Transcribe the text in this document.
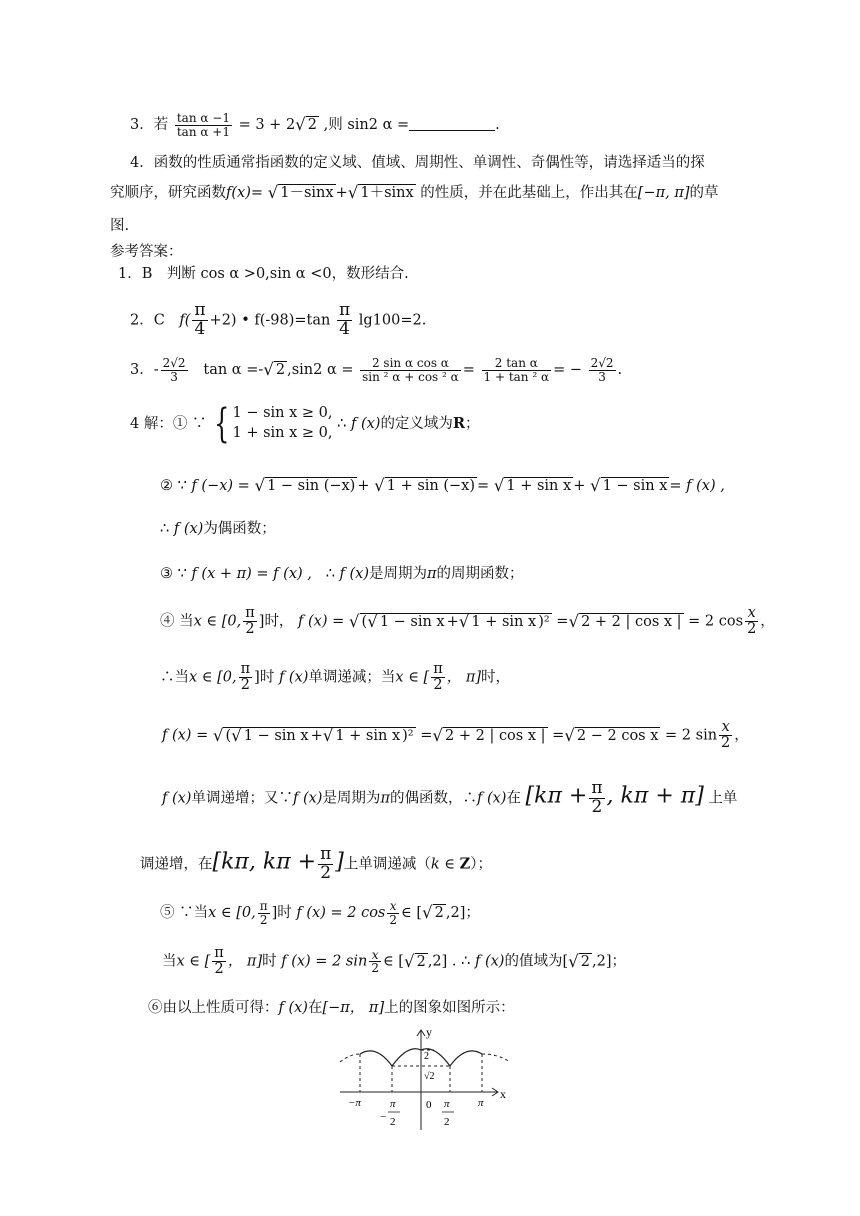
3．若 $\frac{\text{tan α −1}}{\text{tan α +1}} = 3 + 2√$ 2 ,则 sin2 α =	.
4．函数的性质通常指函数的定义域、值域、周期性、单调性、奇偶性等，请选择适当的探
究顺序，研究函数f(x)= √ 1－sinx +√ 1＋sinx 的性质，并在此基础上，作出其在[−π, π]的草
图.
参考答案：
1．B　判断 cos α >0,sin α <0，数形结合.
2．C　$f( \frac{\pi}{4} +2)$ • $f(-98)=\tan \frac{\pi}{4} \lg 100=2$.
3．- $\frac{2√2}{3}$ tan α =-√ 2 ,sin2 $\alpha = \frac{\text{2 sin α cos α}}{\text{sin ² α + cos ² α}} = \frac{\text{2 tan α}}{\text{1 + tan ² α}}$ = − $\frac{2√2}{3}$ .
4 解：① ∵ { 1 − sin x ≥ 0,
1 + sin x ≥ 0,
∴ f (x)的定义域为R；
② ∵ f (−x) = √ 1 − sin (−x) + √ 1 + sin (−x) = √ 1 + sin x + √ 1 − sin x = f (x) ,
∴ f (x)为偶函数；
③ ∵ f (x + π) = f (x) , ∴ f (x)是周期为π的周期函数；
④ 当x ∈ [0, $\frac{\pi}{2}$ ]时， f (x) = √ (√ 1 − sin x +√ 1 + sin x )² =√ 2 + 2 | cos x | = 2 $\cos \frac{x}{2}$ ，
∴当x ∈ [0, $\frac{\pi}{2}$ ]时 f (x)单调递减；当x ∈ [ $\frac{\pi}{2}$ ， π]时，
f (x) = √ (√ 1 − sin x +√ 1 + sin x )² =√ 2 + 2 | cos x | =√ 2 − 2 cos x = 2 $\sin \frac{x}{2}$ ，
f (x)单调递增；又∵f (x)是周期为π的偶函数，∴f (x)在 [$k\pi + \frac{\pi}{2}$ , kπ + π] 上单
调递增，在[kπ, $k\pi + \frac{\pi}{2}$ ]上单调递减（k ∈ Z）；
⑤ ∵当x ∈ [0, $\frac{\pi}{2}$ ]时 f (x) = 2 $\cos \frac{x}{2}$ ∈ [√ 2 ,2]；
当x ∈ [ $\frac{\pi}{2}$ ， π]时 f (x) = 2 $\sin \frac{x}{2}$ ∈ [√ 2 ,2] . ∴ f (x)的值域为[√ 2 ,2]；
⑥由以上性质可得：f (x)在[−π， π]上的图象如图所示：
y
x
2
√2
−π
−
π
2
0 π
2
π
